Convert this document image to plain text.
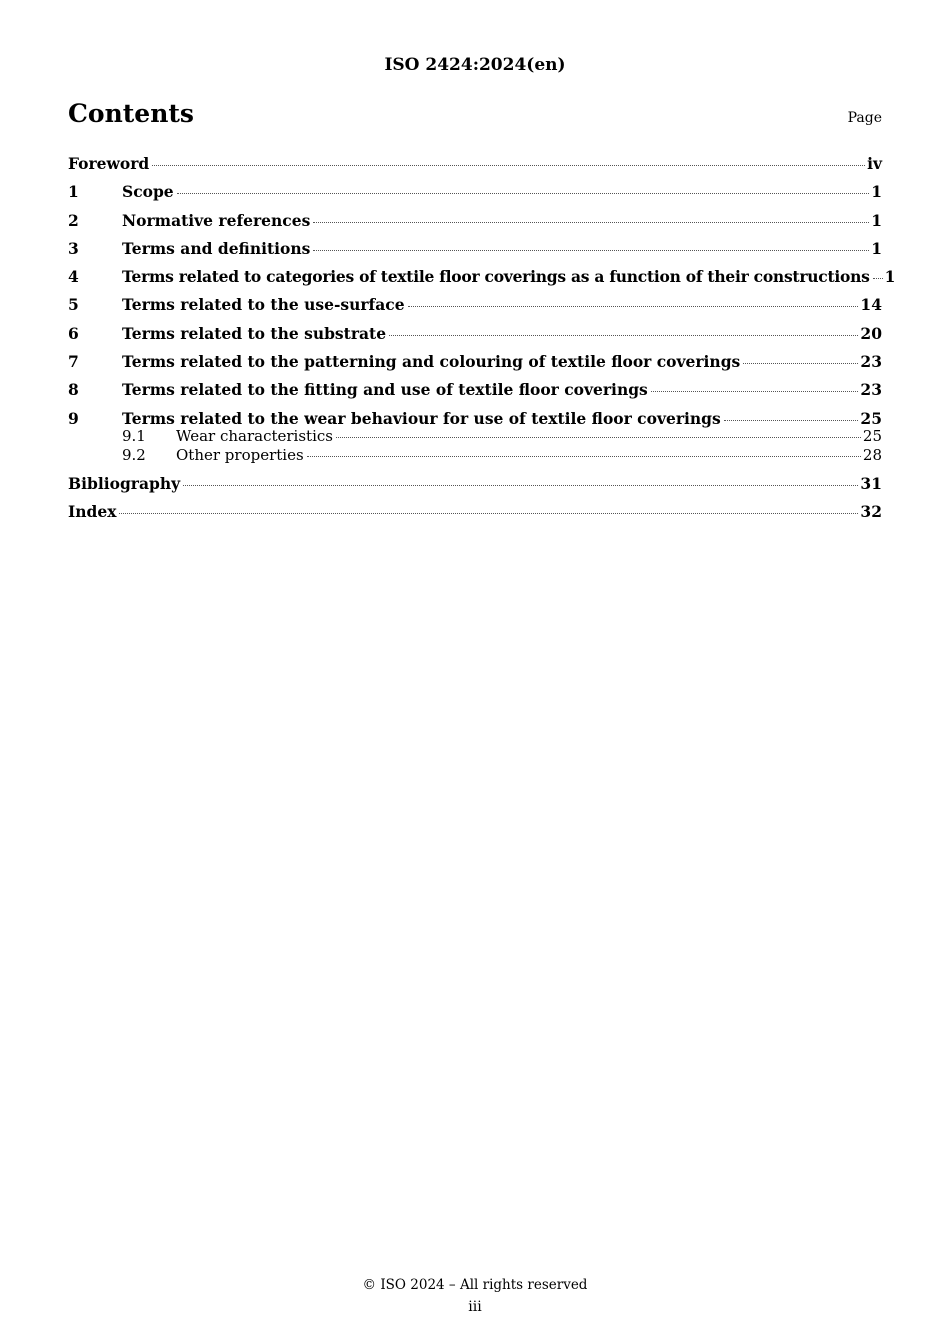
ISO 2424:2024(en)
Contents	Page
Foreword	iv
1	Scope	1
2	Normative references	1
3	Terms and definitions	1
4	Terms related to categories of textile floor coverings as a function of their constructions 1
5	Terms related to the use-surface	14
6	Terms related to the substrate	20
7	Terms related to the patterning and colouring of textile floor coverings	23
8	Terms related to the fitting and use of textile floor coverings	23
9	Terms related to the wear behaviour for use of textile floor coverings	25
9.1	Wear characteristics	25
9.2	Other properties	28
Bibliography	31
Index	32
© ISO 2024 – All rights reserved
iii
